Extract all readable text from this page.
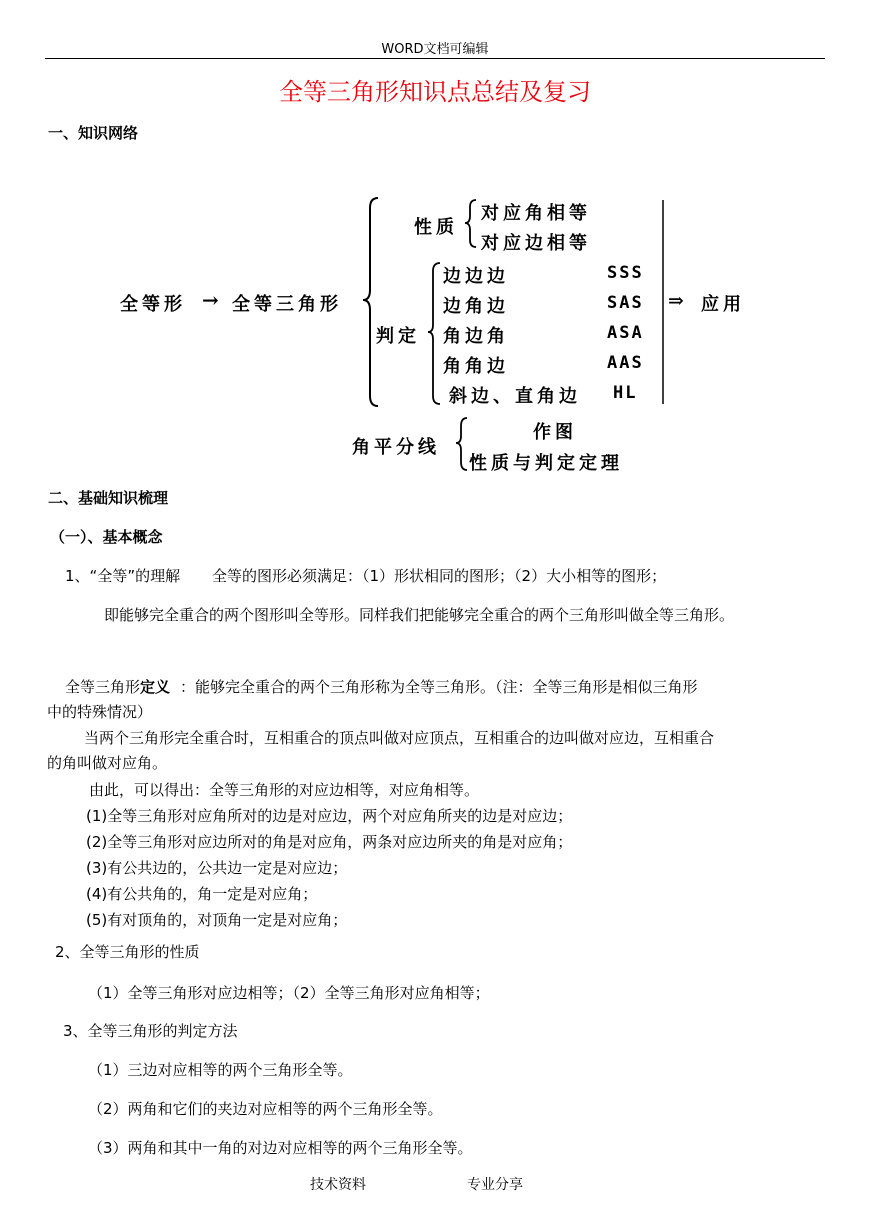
WORD文档可编辑
全等三角形知识点总结及复习
一、知识网络
全等形 → 全等三角形
性质
对应角相等
对应边相等
判定
边边边	SSS
边角边	SAS
角边角	ASA
角角边	AAS
斜边、直角边 HL
⇒ 应用
角平分线
作图
性质与判定定理
二、基础知识梳理
（一）、基本概念
1、“全等”的理解 全等的图形必须满足：（1）形状相同的图形；（2）大小相等的图形；
即能够完全重合的两个图形叫全等形。同样我们把能够完全重合的两个三角形叫做全等三角形。
全等三角形定义 ：能够完全重合的两个三角形称为全等三角形。（注：全等三角形是相似三角形
中的特殊情况）
当两个三角形完全重合时，互相重合的顶点叫做对应顶点，互相重合的边叫做对应边，互相重合
的角叫做对应角。
由此，可以得出：全等三角形的对应边相等，对应角相等。
(1)全等三角形对应角所对的边是对应边，两个对应角所夹的边是对应边；
(2)全等三角形对应边所对的角是对应角，两条对应边所夹的角是对应角；
(3)有公共边的，公共边一定是对应边；
(4)有公共角的，角一定是对应角；
(5)有对顶角的，对顶角一定是对应角；
2、全等三角形的性质
（1）全等三角形对应边相等；（2）全等三角形对应角相等；
3、全等三角形的判定方法
（1）三边对应相等的两个三角形全等。
（2）两角和它们的夹边对应相等的两个三角形全等。
（3）两角和其中一角的对边对应相等的两个三角形全等。
技术资料	专业分享
